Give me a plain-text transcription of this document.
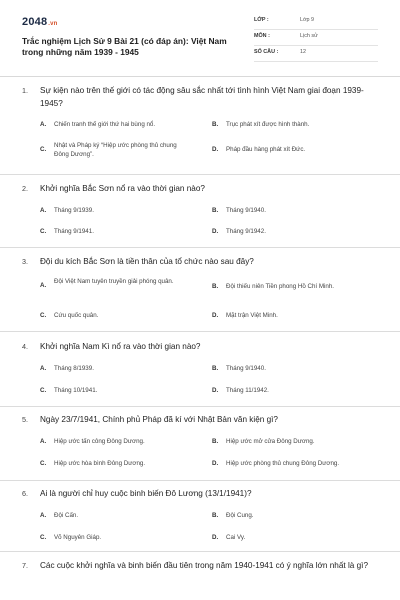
2048.vn
Trắc nghiệm Lịch Sử 9 Bài 21 (có đáp án): Việt Nam trong những năm 1939 - 1945
LỚP :	Lớp 9
MÔN :	Lịch sử
SỐ CÂU :	12
1. Sự kiện nào trên thế giới có tác động sâu sắc nhất tới tình hình Việt Nam giai đoạn 1939-1945?
A. Chiến tranh thế giới thứ hai bùng nổ.	B. Trục phát xít được hình thành.
C.
Nhật và Pháp ký “Hiệp ước phòng thủ chung Đông Dương”.
D. Pháp đầu hàng phát xít Đức.
2. Khởi nghĩa Bắc Sơn nổ ra vào thời gian nào?
A. Tháng 9/1939.	B. Tháng 9/1940.
C. Tháng 9/1941.	D. Tháng 9/1942.
3. Đội du kích Bắc Sơn là tiền thân của tổ chức nào sau đây?
A.
Đội Việt Nam tuyên truyền giải phóng quân.
B. Đội thiếu niên Tiền phong Hồ Chí Minh.
C. Cứu quốc quân.	D. Mặt trận Việt Minh.
4. Khởi nghĩa Nam Kì nổ ra vào thời gian nào?
A. Tháng 8/1939.	B. Tháng 9/1940.
C. Tháng 10/1941.	D. Tháng 11/1942.
5. Ngày 23/7/1941, Chính phủ Pháp đã kí với Nhật Bản văn kiện gì?
A. Hiệp ước tấn công Đông Dương.	B. Hiệp ước mở cửa Đông Dương.
C. Hiệp ước hòa bình Đông Dương.	D. Hiệp ước phòng thủ chung Đông Dương.
6. Ai là người chỉ huy cuộc binh biến Đô Lương (13/1/1941)?
A. Đội Cấn.	B. Đội Cung.
C. Võ Nguyên Giáp.	D. Cai Vy.
7. Các cuộc khởi nghĩa và binh biến đầu tiên trong năm 1940-1941 có ý nghĩa lớn nhất là gì?
